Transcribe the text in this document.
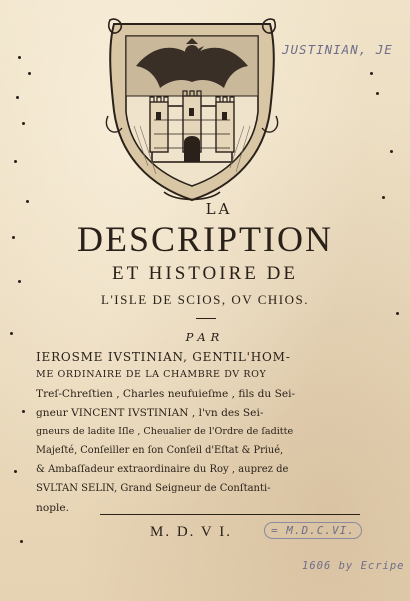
JUSTINIAN, JE
LA
DESCRIPTION
ET HISTOIRE DE
L'ISLE DE SCIOS, OV CHIOS.
PAR
IEROSME IVSTINIAN, GENTIL'HOM-
ME ORDINAIRE DE LA CHAMBRE DV ROY
Treſ-Chreſtien , Charles neufuieſme , fils du Sei-
gneur VINCENT IVSTINIAN , l'vn des Sei-
gneurs de ladite Iſle , Cheualier de l'Ordre de ſaditte
Majeſté, Conſeiller en ſon Conſeil d'Eſtat & Priué,
& Ambaſſadeur extraordinaire du Roy , auprez de
SVLTAN SELIN, Grand Seigneur de Conſtanti-
nople.
M. D. V I.	= M.D.C.VI.
1606 by Ecripe
